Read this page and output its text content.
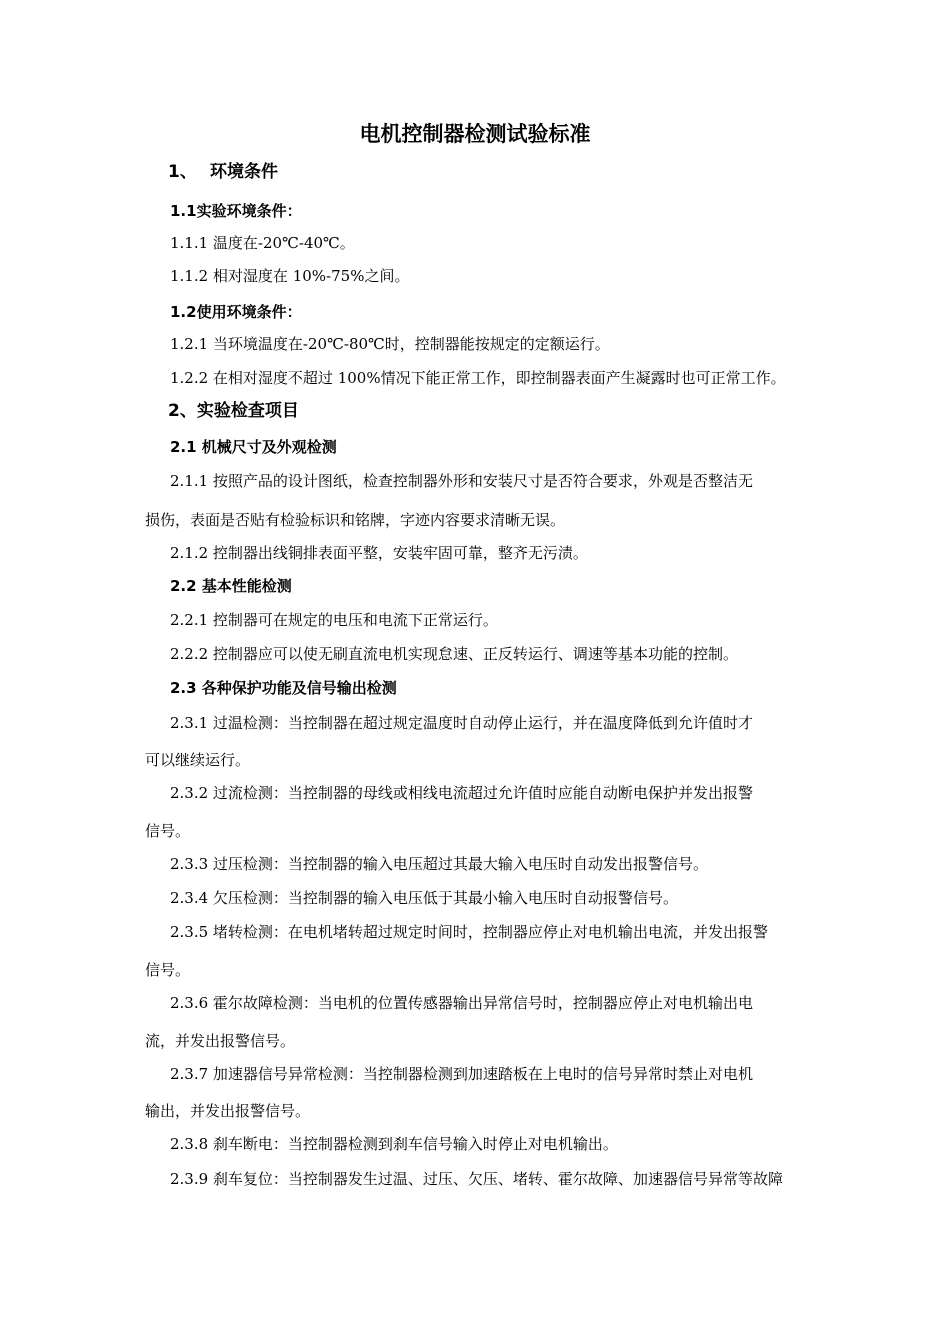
电机控制器检测试验标准
1、 环境条件
1.1实验环境条件：
1.1.1 温度在-20℃-40℃。
1.1.2 相对湿度在 10%-75%之间。
1.2使用环境条件：
1.2.1 当环境温度在-20℃-80℃时，控制器能按规定的定额运行。
1.2.2 在相对湿度不超过 100%情况下能正常工作，即控制器表面产生凝露时也可正常工作。
2、实验检查项目
2.1 机械尺寸及外观检测
2.1.1 按照产品的设计图纸，检查控制器外形和安装尺寸是否符合要求，外观是否整洁无
损伤，表面是否贴有检验标识和铭牌，字迹内容要求清晰无误。
2.1.2 控制器出线铜排表面平整，安装牢固可靠，整齐无污渍。
2.2 基本性能检测
2.2.1 控制器可在规定的电压和电流下正常运行。
2.2.2 控制器应可以使无刷直流电机实现怠速、正反转运行、调速等基本功能的控制。
2.3 各种保护功能及信号输出检测
2.3.1 过温检测：当控制器在超过规定温度时自动停止运行，并在温度降低到允许值时才
可以继续运行。
2.3.2 过流检测：当控制器的母线或相线电流超过允许值时应能自动断电保护并发出报警
信号。
2.3.3 过压检测：当控制器的输入电压超过其最大输入电压时自动发出报警信号。
2.3.4 欠压检测：当控制器的输入电压低于其最小输入电压时自动报警信号。
2.3.5 堵转检测：在电机堵转超过规定时间时，控制器应停止对电机输出电流，并发出报警
信号。
2.3.6 霍尔故障检测：当电机的位置传感器输出异常信号时，控制器应停止对电机输出电
流，并发出报警信号。
2.3.7 加速器信号异常检测：当控制器检测到加速踏板在上电时的信号异常时禁止对电机
输出，并发出报警信号。
2.3.8 刹车断电：当控制器检测到刹车信号输入时停止对电机输出。
2.3.9 刹车复位：当控制器发生过温、过压、欠压、堵转、霍尔故障、加速器信号异常等故障
